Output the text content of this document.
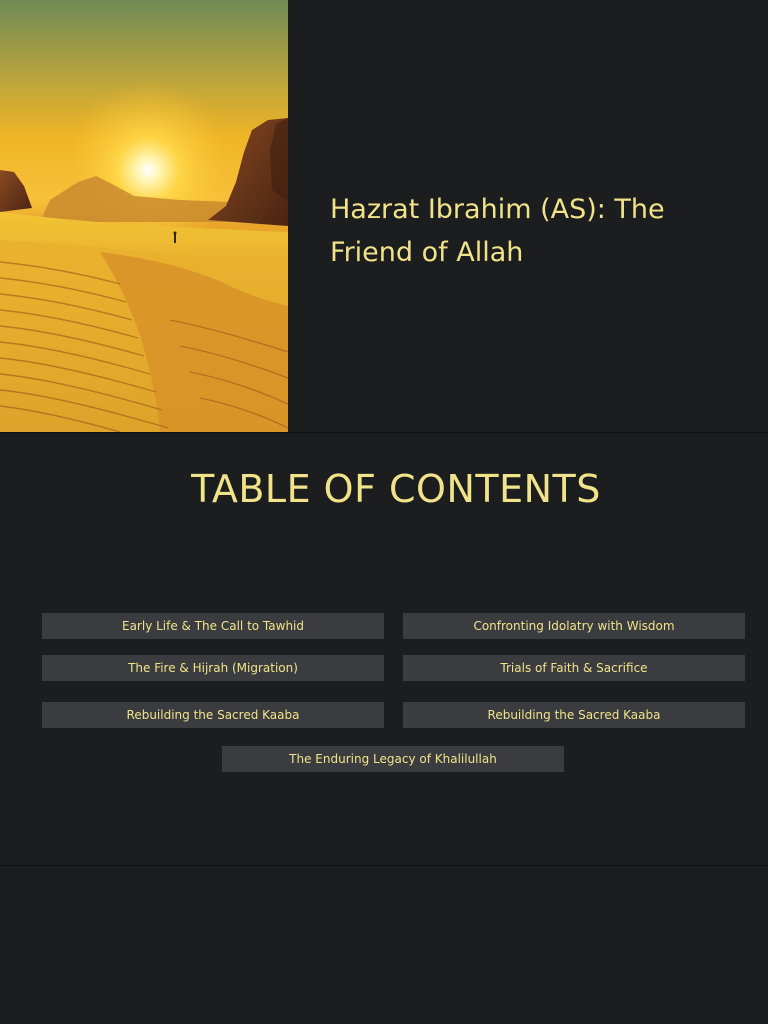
Hazrat Ibrahim (AS): The Friend of Allah
TABLE OF CONTENTS
Early Life & The Call to Tawhid	Confronting Idolatry with Wisdom
The Fire & Hijrah (Migration)	Trials of Faith & Sacrifice
Rebuilding the Sacred Kaaba	Rebuilding the Sacred Kaaba
The Enduring Legacy of Khalilullah
